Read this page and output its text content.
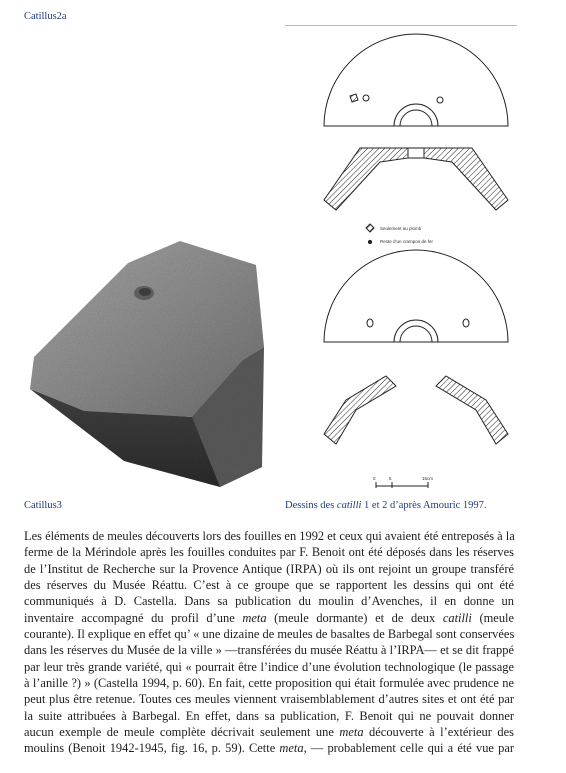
Catillus2a
Seulement au plomb
Reste d’un crampon de fer
0	5	15cm
Catillus3	Dessins des catilli 1 et 2 d’après Amouric 1997.
Les éléments de meules découverts lors des fouilles en 1992 et ceux qui avaient été entreposés à la
ferme de la Mérindole après les fouilles conduites par F. Benoit ont été déposés dans les réserves
de l’Institut de Recherche sur la Provence Antique (IRPA) où ils ont rejoint un groupe transféré
des réserves du Musée Réattu. C’est à ce groupe que se rapportent les dessins qui ont été
communiqués à D. Castella. Dans sa publication du moulin d’Avenches, il en donne un
inventaire accompagné du profil d’une meta (meule dormante) et de deux catilli (meule
courante). Il explique en effet qu’ « une dizaine de meules de basaltes de Barbegal sont conservées
dans les réserves du Musée de la ville » —transférées du musée Réattu à l’IRPA— et se dit frappé
par leur très grande variété, qui « pourrait être l’indice d’une évolution technologique (le passage
à l’anille ?) » (Castella 1994, p. 60). En fait, cette proposition qui était formulée avec prudence ne
peut plus être retenue. Toutes ces meules viennent vraisemblablement d’autres sites et ont été par
la suite attribuées à Barbegal. En effet, dans sa publication, F. Benoit qui ne pouvait donner
aucun exemple de meule complète décrivait seulement une meta découverte à l’extérieur des
moulins (Benoit 1942-1945, fig. 16, p. 59). Cette meta, — probablement celle qui a été vue par
